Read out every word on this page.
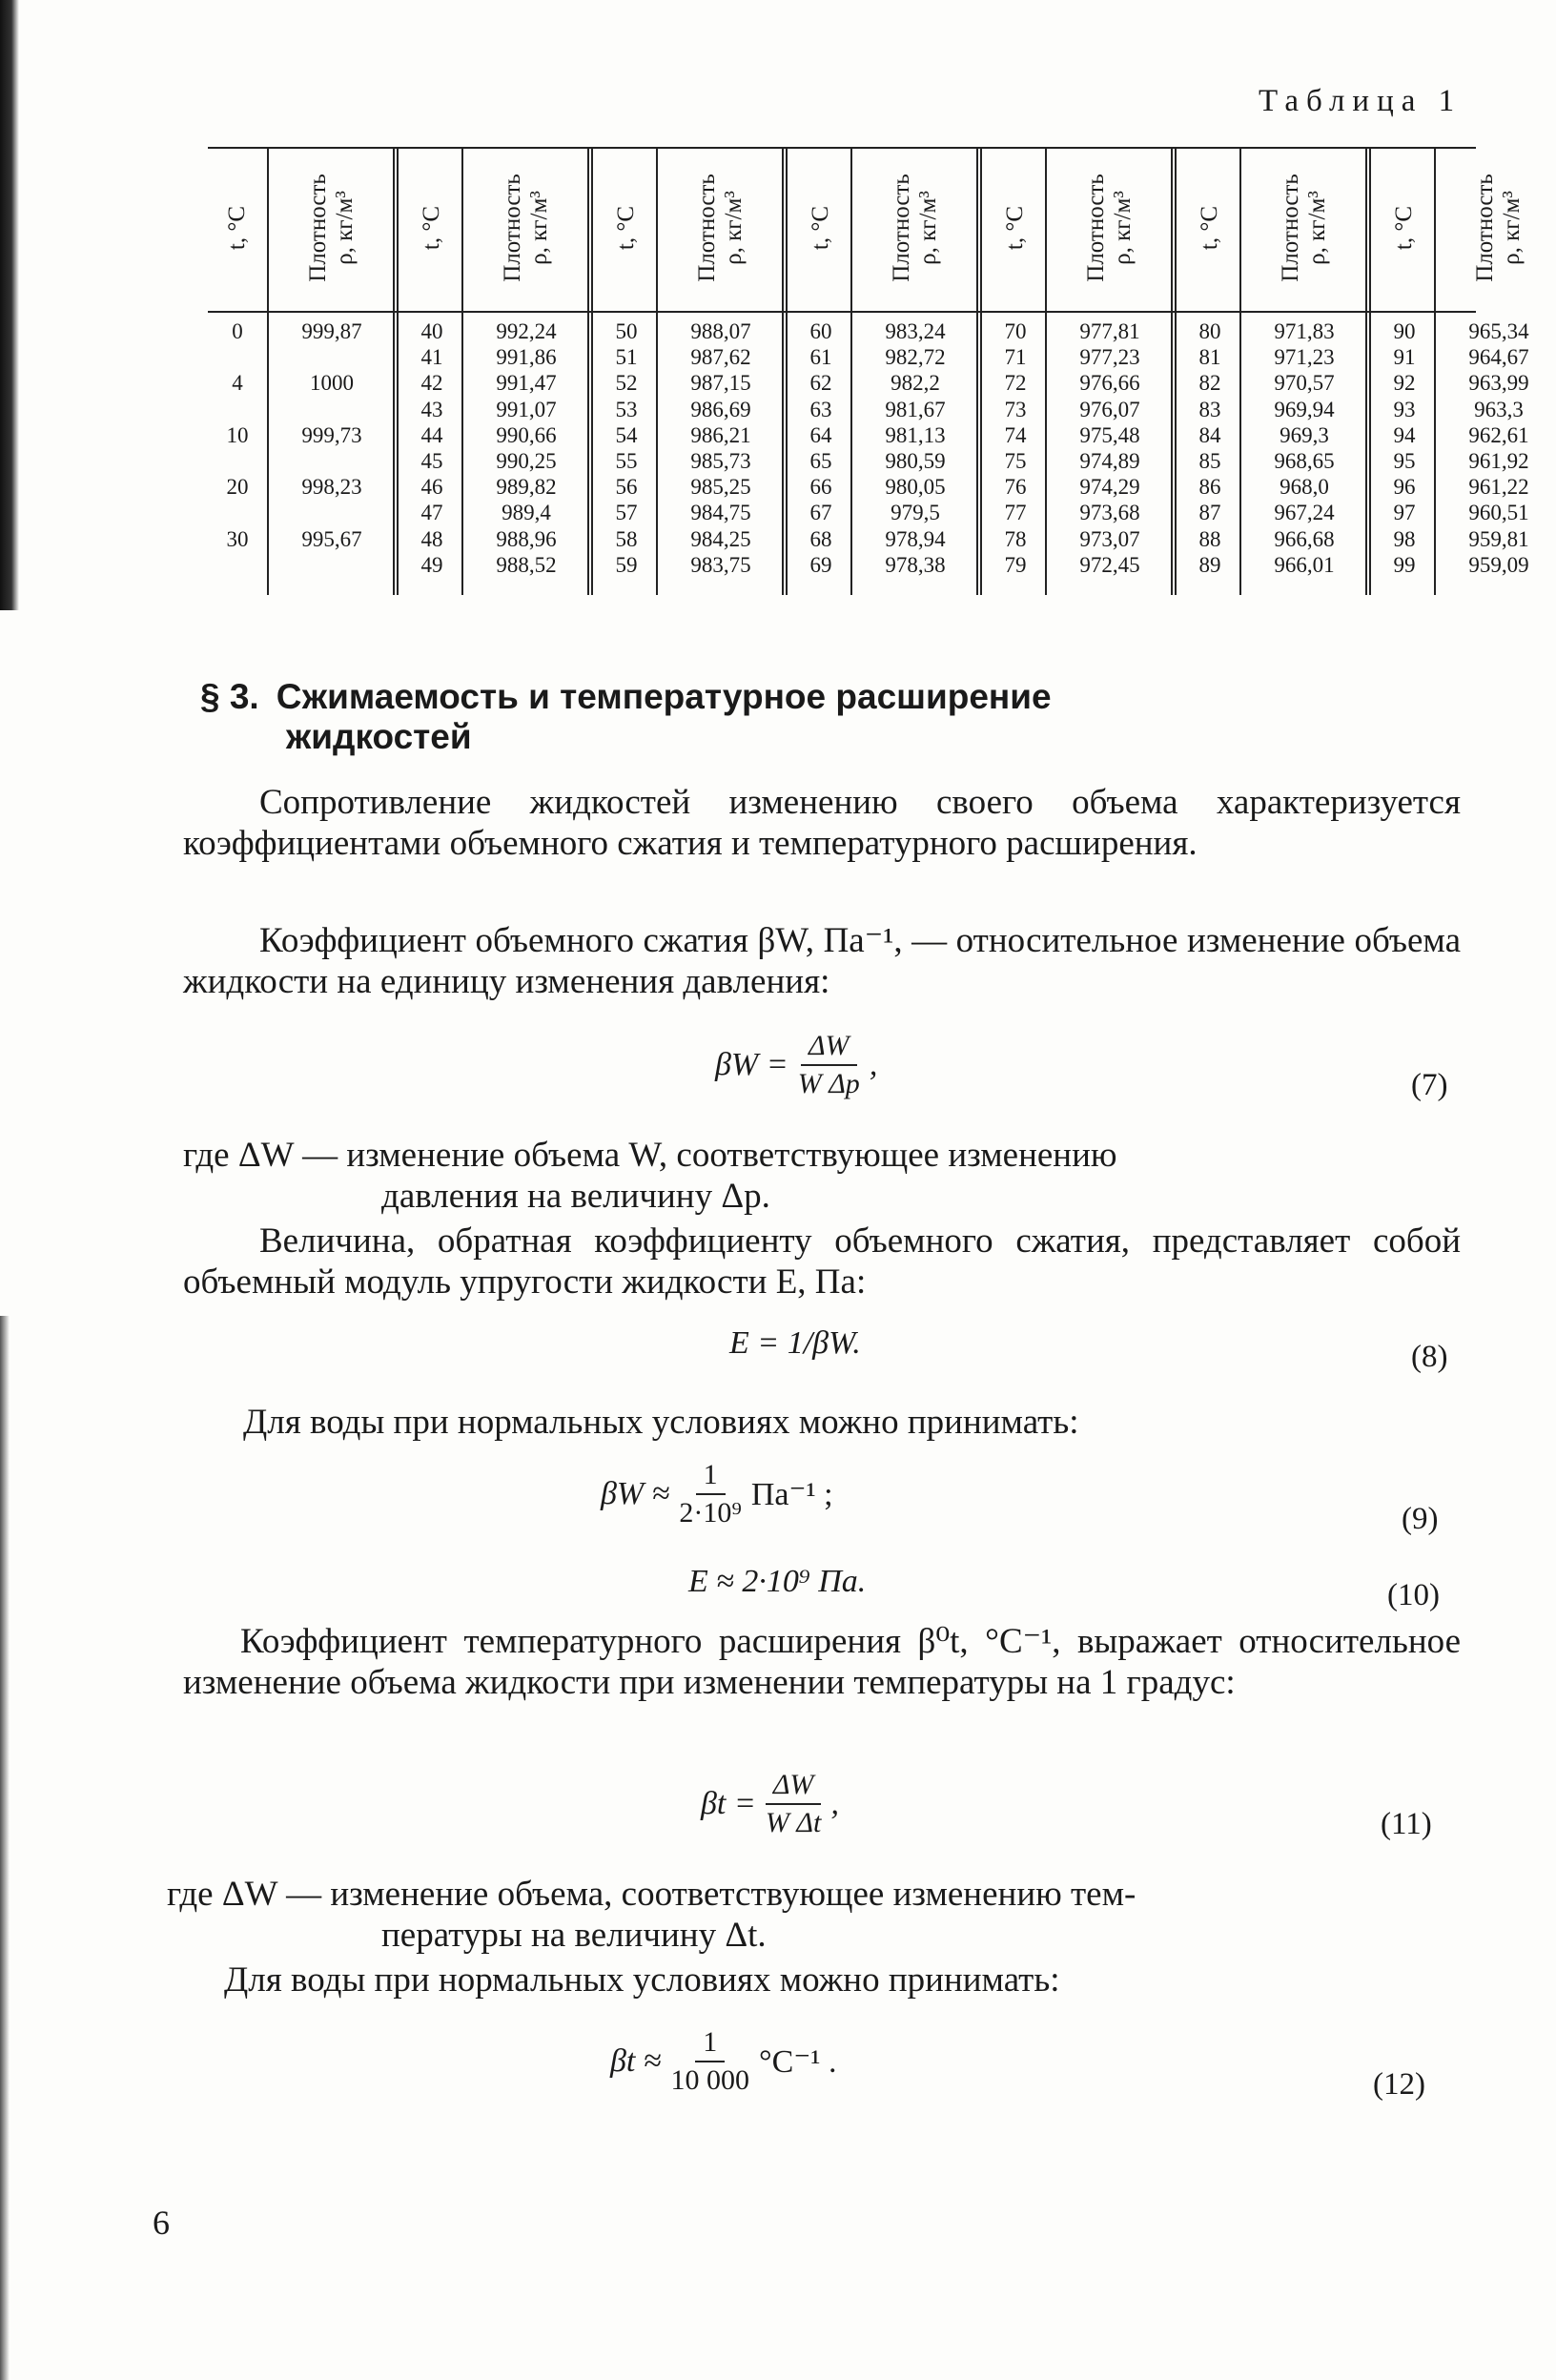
Таблица 1
t, °C
0
4
10
20
30
Плотность
ρ, кг/м³
999,87
1000
999,73
998,23
995,67
t, °C
40
41
42
43
44
45
46
47
48
49
Плотность
ρ, кг/м³
992,24
991,86
991,47
991,07
990,66
990,25
989,82
989,4
988,96
988,52
t, °C
50
51
52
53
54
55
56
57
58
59
Плотность
ρ, кг/м³
988,07
987,62
987,15
986,69
986,21
985,73
985,25
984,75
984,25
983,75
t, °C
60
61
62
63
64
65
66
67
68
69
Плотность
ρ, кг/м³
983,24
982,72
982,2
981,67
981,13
980,59
980,05
979,5
978,94
978,38
t, °C
70
71
72
73
74
75
76
77
78
79
Плотность
ρ, кг/м³
977,81
977,23
976,66
976,07
975,48
974,89
974,29
973,68
973,07
972,45
t, °C
80
81
82
83
84
85
86
87
88
89
Плотность
ρ, кг/м³
971,83
971,23
970,57
969,94
969,3
968,65
968,0
967,24
966,68
966,01
t, °C
90
91
92
93
94
95
96
97
98
99
Плотность
ρ, кг/м³
965,34
964,67
963,99
963,3
962,61
961,92
961,22
960,51
959,81
959,09
§ 3. Сжимаемость и температурное расширение
жидкостей
Сопротивление жидкостей изменению своего объема характеризуется коэффициентами объемного сжатия и температурного расширения.
Коэффициент объемного сжатия βW, Па⁻¹, — относительное изменение объема жидкости на единицу изменения давления:
$\beta W = \frac{\Delta W}{\text{W Δp}}$ ,
(7)
где ΔW — изменение объема W, соответствующее изменению
давления на величину Δp.
Величина, обратная коэффициенту объемного сжатия, представляет собой объемный модуль упругости жидкости E, Па:
E = 1/βW.	(8)
Для воды при нормальных условиях можно принимать:
$\beta W \approx \frac{1}{\text{2·10⁹}} Па^{-1}$ ;
(9)
E ≈ 2·10⁹ Па.	(10)
Коэффициент температурного расширения β⁰t, °C⁻¹, выражает относительное изменение объема жидкости при изменении температуры на 1 градус:
$\beta t = \frac{\Delta W}{\text{W Δt}}$ ,
(11)
где ΔW — изменение объема, соответствующее изменению тем-
пературы на величину Δt.
Для воды при нормальных условиях можно принимать:
$\beta t \approx \frac{1}{10 000} ^\circ C^{-1}$ .
(12)
6
